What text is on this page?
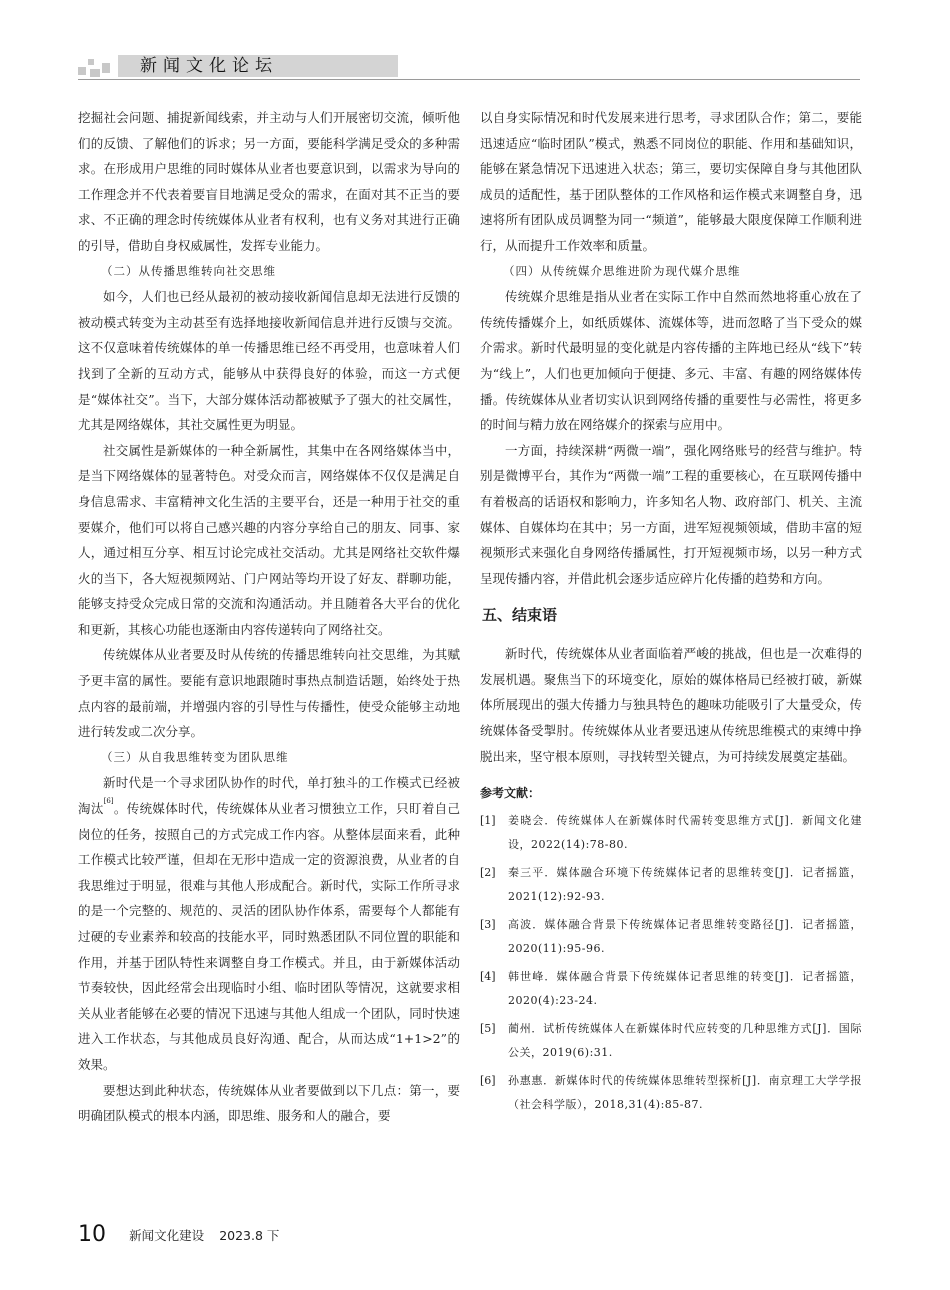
新闻文化论坛

挖掘社会问题、捕捉新闻线索，并主动与人们开展密切交流，倾听他们的反馈、了解他们的诉求；另一方面，要能科学满足受众的多种需求。在形成用户思维的同时媒体从业者也要意识到，以需求为导向的工作理念并不代表着要盲目地满足受众的需求，在面对其不正当的要求、不正确的理念时传统媒体从业者有权利，也有义务对其进行正确的引导，借助自身权威属性，发挥专业能力。

（二）从传播思维转向社交思维

如今，人们也已经从最初的被动接收新闻信息却无法进行反馈的被动模式转变为主动甚至有选择地接收新闻信息并进行反馈与交流。这不仅意味着传统媒体的单一传播思维已经不再受用，也意味着人们找到了全新的互动方式，能够从中获得良好的体验，而这一方式便是“媒体社交”。当下，大部分媒体活动都被赋予了强大的社交属性，尤其是网络媒体，其社交属性更为明显。

社交属性是新媒体的一种全新属性，其集中在各网络媒体当中，是当下网络媒体的显著特色。对受众而言，网络媒体不仅仅是满足自身信息需求、丰富精神文化生活的主要平台，还是一种用于社交的重要媒介，他们可以将自己感兴趣的内容分享给自己的朋友、同事、家人，通过相互分享、相互讨论完成社交活动。尤其是网络社交软件爆火的当下，各大短视频网站、门户网站等均开设了好友、群聊功能，能够支持受众完成日常的交流和沟通活动。并且随着各大平台的优化和更新，其核心功能也逐渐由内容传递转向了网络社交。

传统媒体从业者要及时从传统的传播思维转向社交思维，为其赋予更丰富的属性。要能有意识地跟随时事热点制造话题，始终处于热点内容的最前端，并增强内容的引导性与传播性，使受众能够主动地进行转发或二次分享。

（三）从自我思维转变为团队思维

新时代是一个寻求团队协作的时代，单打独斗的工作模式已经被淘汰[6]。传统媒体时代，传统媒体从业者习惯独立工作，只盯着自己岗位的任务，按照自己的方式完成工作内容。从整体层面来看，此种工作模式比较严谨，但却在无形中造成一定的资源浪费，从业者的自我思维过于明显，很难与其他人形成配合。新时代，实际工作所寻求的是一个完整的、规范的、灵活的团队协作体系，需要每个人都能有过硬的专业素养和较高的技能水平，同时熟悉团队不同位置的职能和作用，并基于团队特性来调整自身工作模式。并且，由于新媒体活动节奏较快，因此经常会出现临时小组、临时团队等情况，这就要求相关从业者能够在必要的情况下迅速与其他人组成一个团队，同时快速进入工作状态，与其他成员良好沟通、配合，从而达成“1+1>2”的效果。

要想达到此种状态，传统媒体从业者要做到以下几点：第一，要明确团队模式的根本内涵，即思维、服务和人的融合，要

以自身实际情况和时代发展来进行思考，寻求团队合作；第二，要能迅速适应“临时团队”模式，熟悉不同岗位的职能、作用和基础知识，能够在紧急情况下迅速进入状态；第三，要切实保障自身与其他团队成员的适配性，基于团队整体的工作风格和运作模式来调整自身，迅速将所有团队成员调整为同一“频道”，能够最大限度保障工作顺利进行，从而提升工作效率和质量。

（四）从传统媒介思维进阶为现代媒介思维

传统媒介思维是指从业者在实际工作中自然而然地将重心放在了传统传播媒介上，如纸质媒体、流媒体等，进而忽略了当下受众的媒介需求。新时代最明显的变化就是内容传播的主阵地已经从“线下”转为“线上”，人们也更加倾向于便捷、多元、丰富、有趣的网络媒体传播。传统媒体从业者切实认识到网络传播的重要性与必需性，将更多的时间与精力放在网络媒介的探索与应用中。

一方面，持续深耕“两微一端”，强化网络账号的经营与维护。特别是微博平台，其作为“两微一端”工程的重要核心，在互联网传播中有着极高的话语权和影响力，许多知名人物、政府部门、机关、主流媒体、自媒体均在其中；另一方面，进军短视频领域，借助丰富的短视频形式来强化自身网络传播属性，打开短视频市场，以另一种方式呈现传播内容，并借此机会逐步适应碎片化传播的趋势和方向。

五、结束语

新时代，传统媒体从业者面临着严峻的挑战，但也是一次难得的发展机遇。聚焦当下的环境变化，原始的媒体格局已经被打破，新媒体所展现出的强大传播力与独具特色的趣味功能吸引了大量受众，传统媒体备受掣肘。传统媒体从业者要迅速从传统思维模式的束缚中挣脱出来，坚守根本原则，寻找转型关键点，为可持续发展奠定基础。

参考文献：
[1]	姜晓会．传统媒体人在新媒体时代需转变思维方式[J]．新闻文化建设，2022(14):78-80.
[2]	秦三平．媒体融合环境下传统媒体记者的思维转变[J]．记者摇篮，2021(12):92-93.
[3]	高波．媒体融合背景下传统媒体记者思维转变路径[J]．记者摇篮，2020(11):95-96.
[4]	韩世峰．媒体融合背景下传统媒体记者思维的转变[J]．记者摇篮，2020(4):23-24.
[5]	蔺州．试析传统媒体人在新媒体时代应转变的几种思维方式[J]．国际公关，2019(6):31.
[6]	孙惠惠．新媒体时代的传统媒体思维转型探析[J]．南京理工大学学报（社会科学版），2018,31(4):85-87.
10 新闻文化建设 2023.8 下
